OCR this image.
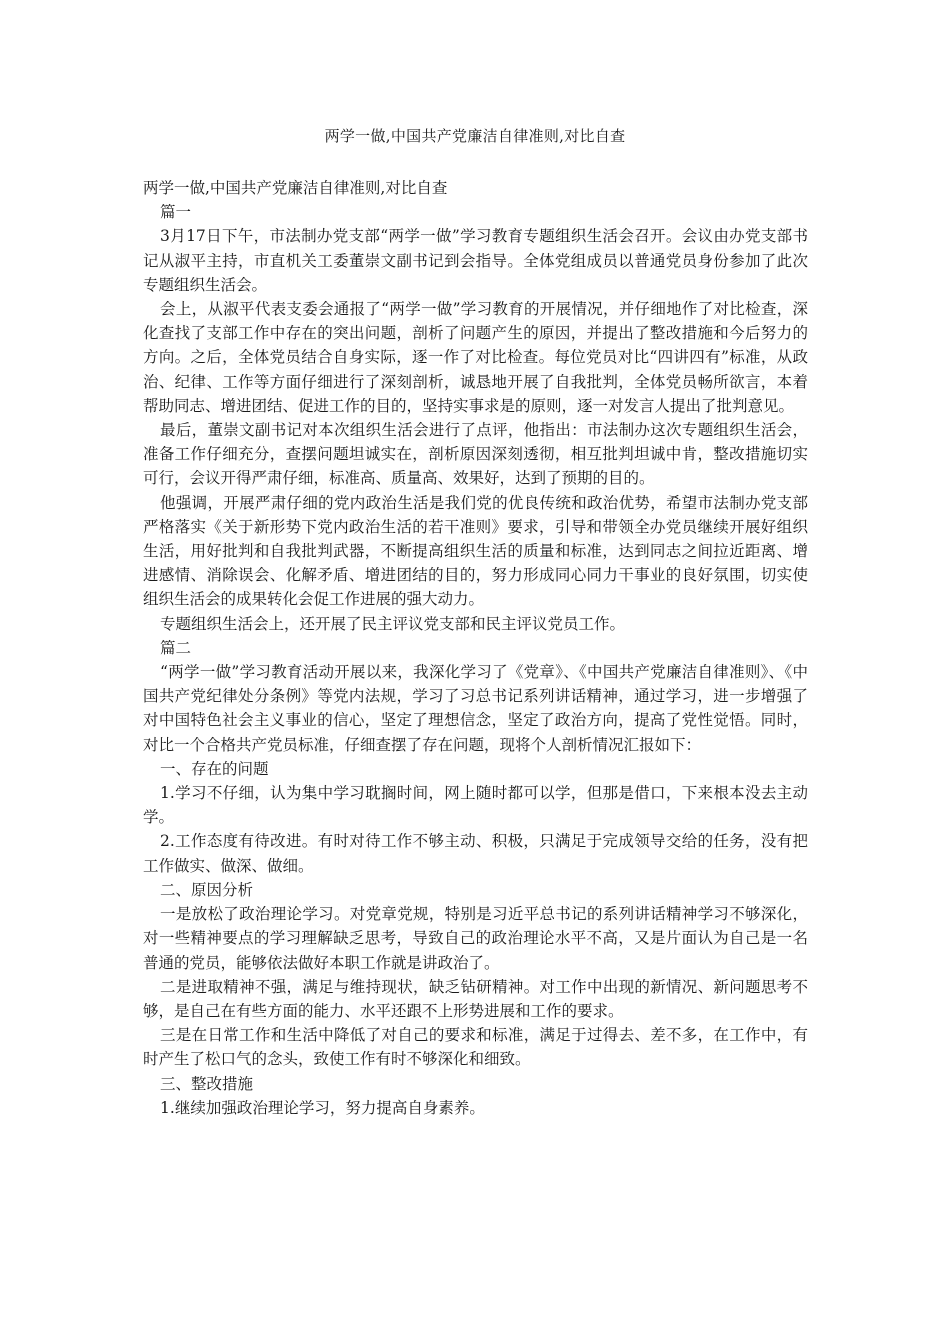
两学一做,中国共产党廉洁自律准则,对比自查

两学一做,中国共产党廉洁自律准则,对比自查

篇一

3月17日下午，市法制办党支部“两学一做”学习教育专题组织生活会召开。会议由办党支部书记从淑平主持，市直机关工委董崇文副书记到会指导。全体党组成员以普通党员身份参加了此次专题组织生活会。

会上，从淑平代表支委会通报了“两学一做”学习教育的开展情况，并仔细地作了对比检查，深化查找了支部工作中存在的突出问题，剖析了问题产生的原因，并提出了整改措施和今后努力的方向。之后，全体党员结合自身实际，逐一作了对比检查。每位党员对比“四讲四有”标准，从政治、纪律、工作等方面仔细进行了深刻剖析，诚恳地开展了自我批判，全体党员畅所欲言，本着帮助同志、增进团结、促进工作的目的，坚持实事求是的原则，逐一对发言人提出了批判意见。

最后，董崇文副书记对本次组织生活会进行了点评，他指出：市法制办这次专题组织生活会，准备工作仔细充分，查摆问题坦诚实在，剖析原因深刻透彻，相互批判坦诚中肯，整改措施切实可行，会议开得严肃仔细，标准高、质量高、效果好，达到了预期的目的。

他强调，开展严肃仔细的党内政治生活是我们党的优良传统和政治优势，希望市法制办党支部严格落实《关于新形势下党内政治生活的若干准则》要求，引导和带领全办党员继续开展好组织生活，用好批判和自我批判武器，不断提高组织生活的质量和标准，达到同志之间拉近距离、增进感情、消除误会、化解矛盾、增进团结的目的，努力形成同心同力干事业的良好氛围，切实使组织生活会的成果转化会促工作进展的强大动力。

专题组织生活会上，还开展了民主评议党支部和民主评议党员工作。

篇二

“两学一做”学习教育活动开展以来，我深化学习了《党章》、《中国共产党廉洁自律准则》、《中国共产党纪律处分条例》等党内法规，学习了习总书记系列讲话精神，通过学习，进一步增强了对中国特色社会主义事业的信心，坚定了理想信念，坚定了政治方向，提高了党性觉悟。同时，对比一个合格共产党员标准，仔细查摆了存在问题，现将个人剖析情况汇报如下：

一、存在的问题

1.学习不仔细，认为集中学习耽搁时间，网上随时都可以学，但那是借口，下来根本没去主动学。

2.工作态度有待改进。有时对待工作不够主动、积极，只满足于完成领导交给的任务，没有把工作做实、做深、做细。

二、原因分析

一是放松了政治理论学习。对党章党规，特别是习近平总书记的系列讲话精神学习不够深化，对一些精神要点的学习理解缺乏思考，导致自己的政治理论水平不高，又是片面认为自己是一名普通的党员，能够依法做好本职工作就是讲政治了。

二是进取精神不强，满足与维持现状，缺乏钻研精神。对工作中出现的新情况、新问题思考不够，是自己在有些方面的能力、水平还跟不上形势进展和工作的要求。

三是在日常工作和生活中降低了对自己的要求和标准，满足于过得去、差不多，在工作中，有时产生了松口气的念头，致使工作有时不够深化和细致。

三、整改措施

1.继续加强政治理论学习，努力提高自身素养。
